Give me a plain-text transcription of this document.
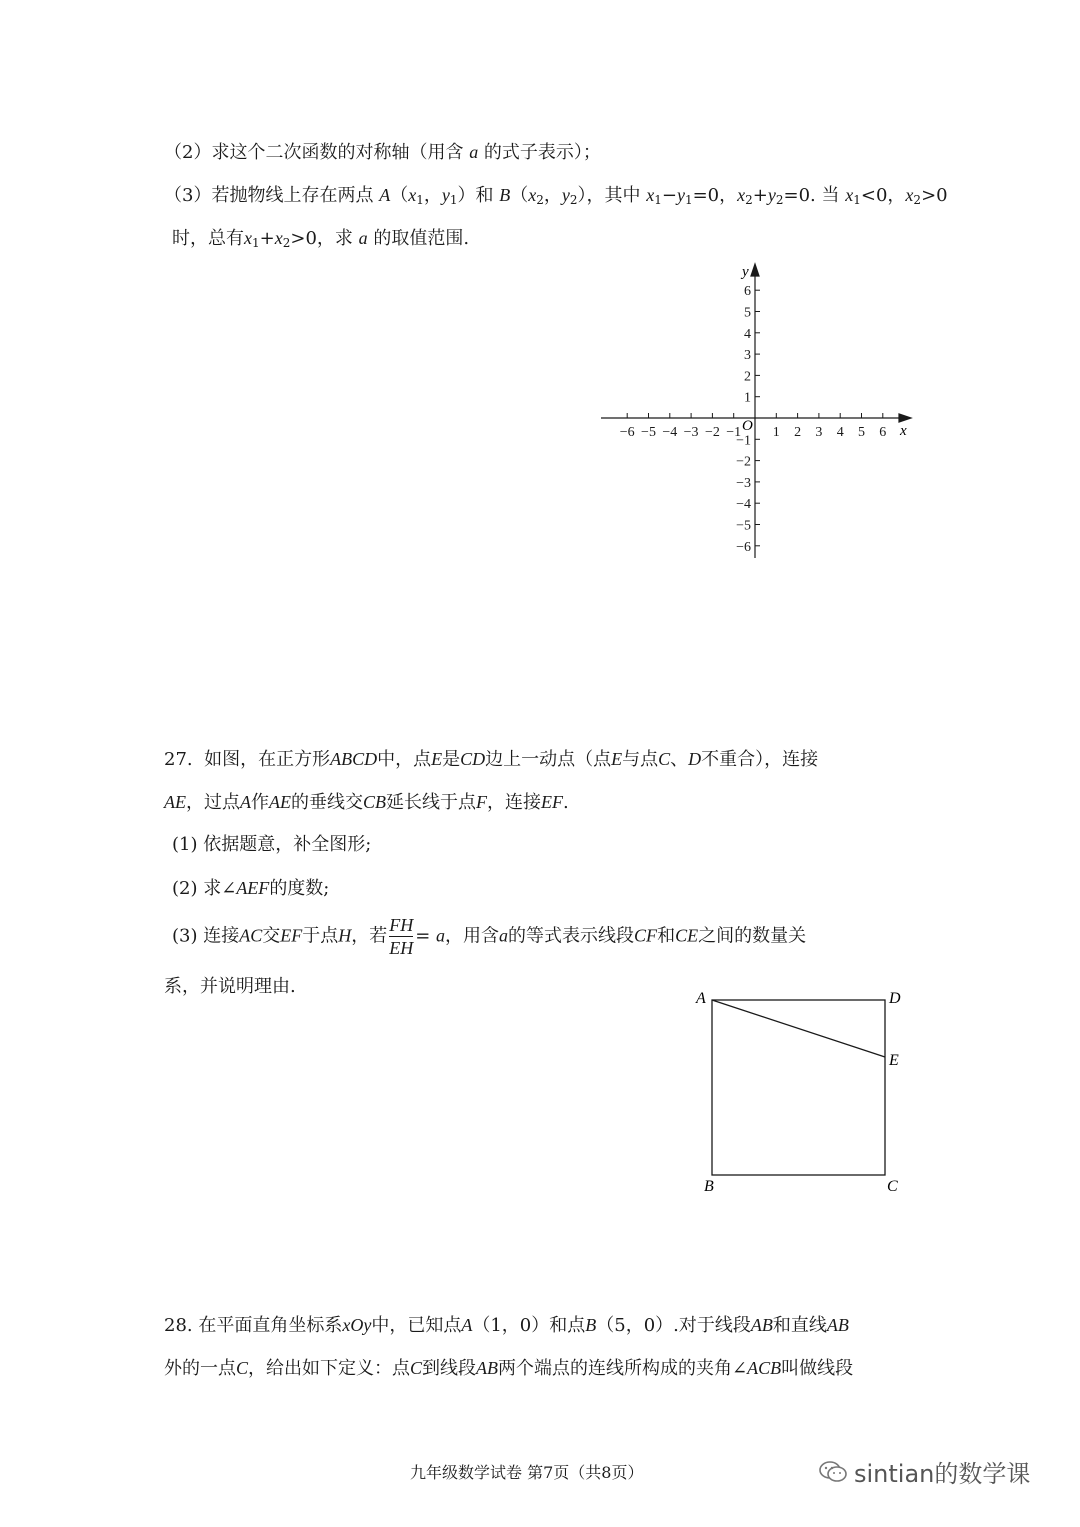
（2）求这个二次函数的对称轴（用含 a 的式子表示）；
（3）若抛物线上存在两点 $A(x_1$，$y_1$）和 $B(x_2$，$y_2$），其中 $x_1-y_1=0$，$x_2+y_2=0$. 当 $x_1<0$，$x_2>0$
时，总有$x_1+x_2>0$，求 a 的取值范围.
−6 −5 −4 −3 −2 −1 1 2 3 4 5 6
6
5
4
3
2
1
−1
−2
−3
−4
−5
−6
x
y
O
27. 如图，在正方形ABCD中，点E是CD边上一动点（点E与点C、D不重合），连接
AE，过点A作AE的垂线交CB延长线于点F，连接EF.
(1) 依据题意，补全图形;
(2) 求∠AEF的度数;
(3) 连接AC交EF于点H，若 $\frac{FH}{EH} = a$，用含a的等式表示线段CF和CE之间的数量关
系，并说明理由.
A	D
E
B	C
28. 在平面直角坐标系xOy中，已知点A（1，0）和点B（5，0）.对于线段AB和直线AB
外的一点C，给出如下定义：点C到线段AB两个端点的连线所构成的夹角∠ACB叫做线段
九年级数学试卷 第7页（共8页）	sintian的数学课
